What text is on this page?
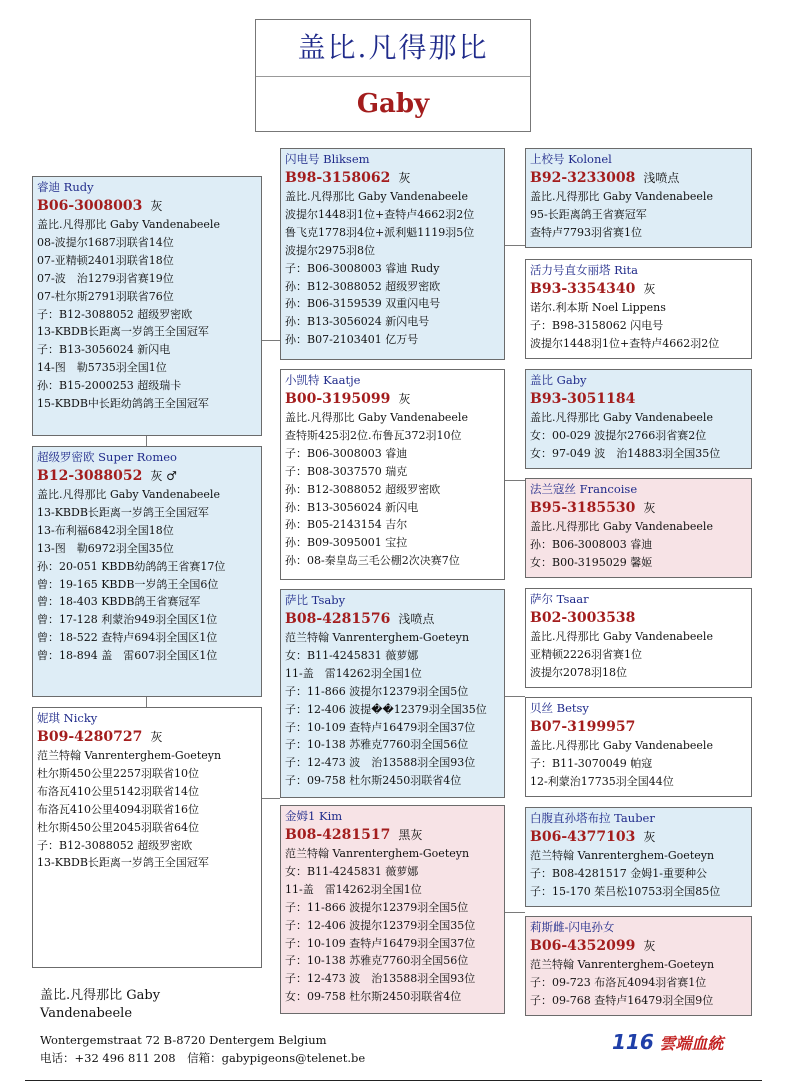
盖比.凡得那比
Gaby
睿迪 Rudy
B06-3008003 灰
盖比.凡得那比 Gaby Vandenabeele
08-波提尔1687羽联省14位
07-亚精顿2401羽联省18位
07-波　治1279羽省赛19位
07-杜尔斯2791羽联省76位
子：B12-3088052 超级罗密欧
13-KBDB长距离一岁鸽王全国冠军
子：B13-3056024 新闪电
14-图　勒5735羽全国1位
孙：B15-2000253 超级瑞卡
15-KBDB中长距幼鸽鸽王全国冠军
超级罗密欧 Super Romeo
B12-3088052 灰 ♂
盖比.凡得那比 Gaby Vandenabeele
13-KBDB长距离一岁鸽王全国冠军
13-布利福6842羽全国18位
13-图　勒6972羽全国35位
孙：20-051 KBDB幼鸽鸽王省赛17位
曾：19-165 KBDB一岁鸽王全国6位
曾：18-403 KBDB鸽王省赛冠军
曾：17-128 利蒙治949羽全国区1位
曾：18-522 查特卢694羽全国区1位
曾：18-894 盖　雷607羽全国区1位
妮琪 Nicky
B09-4280727 灰
范兰特翰 Vanrenterghem-Goeteyn
杜尔斯450公里2257羽联省10位
布洛瓦410公里5142羽联省14位
布洛瓦410公里4094羽联省16位
杜尔斯450公里2045羽联省64位
子：B12-3088052 超级罗密欧
13-KBDB长距离一岁鸽王全国冠军
闪电号 Bliksem
B98-3158062 灰
盖比.凡得那比 Gaby Vandenabeele
波提尔1448羽1位+查特卢4662羽2位
鲁飞克1778羽4位+派利魁1119羽5位
波提尔2975羽8位
子：B06-3008003 睿迪 Rudy
孙：B12-3088052 超级罗密欧
孙：B06-3159539 双重闪电号
孙：B13-3056024 新闪电号
孙：B07-2103401 亿万号
小凯特 Kaatje
B00-3195099 灰
盖比.凡得那比 Gaby Vandenabeele
查特斯425羽2位.布鲁瓦372羽10位
子：B06-3008003 睿迪
子：B08-3037570 瑞克
孙：B12-3088052 超级罗密欧
孙：B13-3056024 新闪电
孙：B05-2143154 吉尔
孙：B09-3095001 宝拉
孙：08-秦皇岛三毛公棚2次决赛7位
萨比 Tsaby
B08-4281576 浅喷点
范兰特翰 Vanrenterghem-Goeteyn
女：B11-4245831 薇萝娜
11-盖　雷14262羽全国1位
子：11-866 波提尔12379羽全国5位
子：12-406 波提��12379羽全国35位
子：10-109 查特卢16479羽全国37位
子：10-138 苏雅克7760羽全国56位
子：12-473 波　治13588羽全国93位
子：09-758 杜尔斯2450羽联省4位
金姆1 Kim
B08-4281517 黑灰
范兰特翰 Vanrenterghem-Goeteyn
女：B11-4245831 薇萝娜
11-盖　雷14262羽全国1位
子：11-866 波提尔12379羽全国5位
子：12-406 波提尔12379羽全国35位
子：10-109 查特卢16479羽全国37位
子：10-138 苏雅克7760羽全国56位
子：12-473 波　治13588羽全国93位
女：09-758 杜尔斯2450羽联省4位
上校号 Kolonel
B92-3233008 浅喷点
盖比.凡得那比 Gaby Vandenabeele
95-长距离鸽王省赛冠军
查特卢7793羽省赛1位
活力号直女丽塔 Rita
B93-3354340 灰
诺尔.利本斯 Noel Lippens
子：B98-3158062 闪电号
波提尔1448羽1位+查特卢4662羽2位
盖比 Gaby
B93-3051184
盖比.凡得那比 Gaby Vandenabeele
女：00-029 波提尔2766羽省赛2位
女：97-049 波　治14883羽全国35位
法兰寇丝 Francoise
B95-3185530 灰
盖比.凡得那比 Gaby Vandenabeele
孙：B06-3008003 睿迪
女：B00-3195029 馨姬
萨尔 Tsaar
B02-3003538
盖比.凡得那比 Gaby Vandenabeele
亚精顿2226羽省赛1位
波提尔2078羽18位
贝丝 Betsy
B07-3199957
盖比.凡得那比 Gaby Vandenabeele
子：B11-3070049 帕寇
12-利蒙治17735羽全国44位
白腹直孙塔布拉 Tauber
B06-4377103 灰
范兰特翰 Vanrenterghem-Goeteyn
子：B08-4281517 金姆1-重要种公
子：15-170 茱吕松10753羽全国85位
莉斯雌-闪电孙女
B06-4352099 灰
范兰特翰 Vanrenterghem-Goeteyn
子：09-723 布洛瓦4094羽省赛1位
子：09-768 查特卢16479羽全国9位
盖比.凡得那比 Gaby
Vandenabeele
Wontergemstraat 72 B-8720 Dentergem Belgium
电话：+32 496 811 208　信箱：gabypigeons@telenet.be
116 雲端血統
